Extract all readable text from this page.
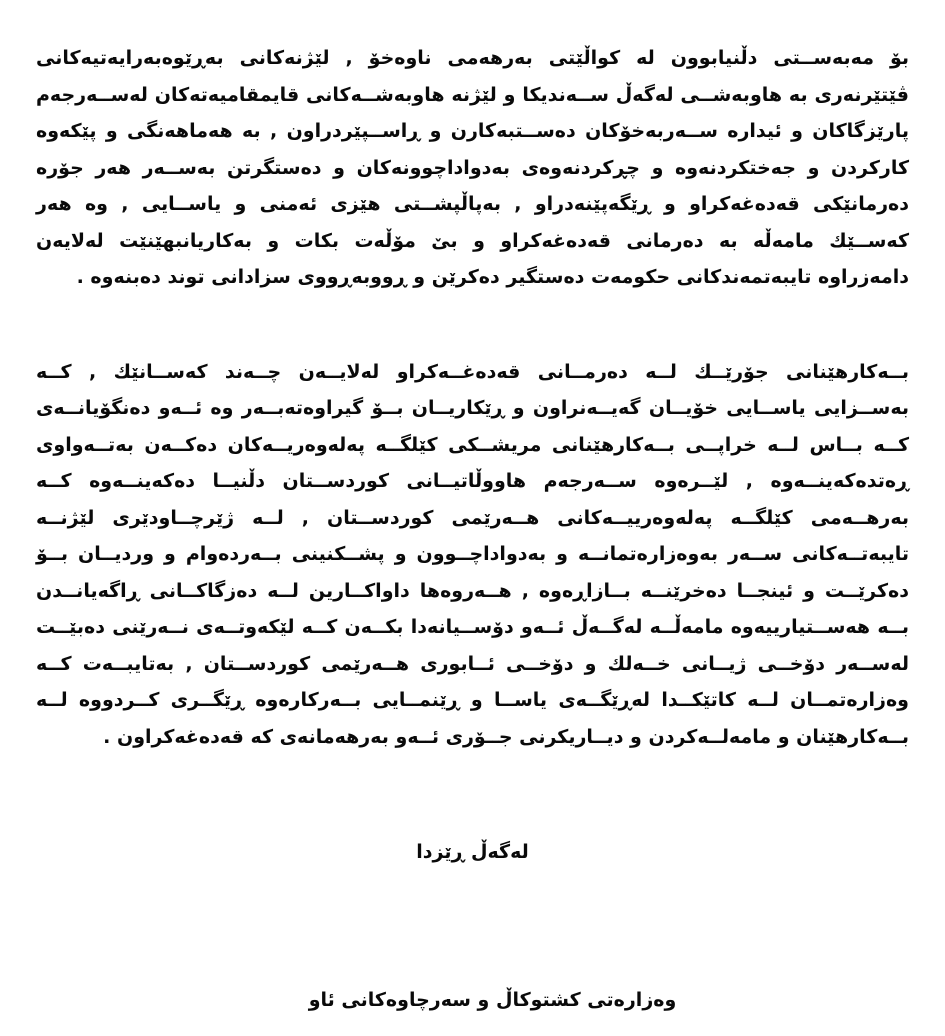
بۆ مەبەســتی دڵنیابوون لە كواڵێتی بەرهەمی ناوەخۆ , لێژنەكانی بەڕێوەبەرایەتیەكانی ڤێتێرنەری بە هاوبەشــی لەگەڵ ســەندیكا و لێژنە هاوبەشــەكانی قایمقامیەتەكان لەســەرجەم پارێزگاكان و ئیدارە ســەربەخۆكان دەســتبەكارن و ڕاســپێردراون , بە هەماهەنگی و پێكەوە كاركردن و جەختكردنەوە و چڕكردنەوەی بەدواداچوونەكان و دەستگرتن بەســەر هەر جۆرە دەرمانێكی قەدەغەكراو و ڕێگەپێنەدراو , بەپاڵپشــتی هێزی ئەمنی و یاســایی , وە هەر كەســێك مامەڵە بە دەرمانی قەدەغەكراو و بێ مۆڵەت بكات و بەكاریانبهێنێت لەلایەن دامەزراوە تایبەتمەندكانی حكومەت دەستگیر دەكرێن و ڕووبەڕووی سزادانی توند دەبنەوە .

بــەكارهێنانی جۆرێــك لــە دەرمــانی قەدەغــەكراو لەلایــەن چــەند كەســانێك , كــە بەســزایی یاســایی خۆیــان گەیــەنراون و ڕێكاریــان بــۆ گیراوەتەبــەر وە ئــەو دەنگۆیانــەی كــە بــاس لــە خراپــی بــەكارهێنانی مریشــكی كێلگــە پەلەوەریــەكان دەكــەن بەتــەواوی ڕەتدەكەینــەوە , لێــرەوە ســەرجەم هاووڵاتیــانی كوردســتان دڵنیــا دەكەینــەوە كــە بەرهــەمی كێلگــە پەلەوەرییــەكانی هــەرێمی كوردســتان , لــە ژێرچــاودێری لێژنــە تایبەتــەكانی ســەر بەوەزارەتمانــە و بەدواداچــوون و پشــكنینی بــەردەوام و وردیــان بــۆ دەكرێــت و ئینجــا دەخرێنــە بــازاڕەوە , هــەروەها داواكــارین لــە دەزگاكــانی ڕاگەیانــدن بــە هەســتیارییەوە مامەڵــە لەگــەڵ ئــەو دۆســیانەدا بكــەن كــە لێكەوتــەی نــەرێنی دەبێــت لەســەر دۆخــی ژیــانی خــەلك و دۆخــی ئــابوری هــەرێمی كوردســتان , بەتایبــەت كــە وەزارەتمــان لــە كاتێكــدا لەڕێگــەی یاســا و ڕێنمــایی بــەركارەوە ڕێگــری كــردووە لــە بــەكارهێنان و مامەلــەكردن و دیــاریكرنی جــۆری ئــەو بەرهەمانەی كە قەدەغەكراون .

لەگەڵ ڕێزدا
وەزارەتی كشتوكاڵ و سەرچاوەكانی ئاو
